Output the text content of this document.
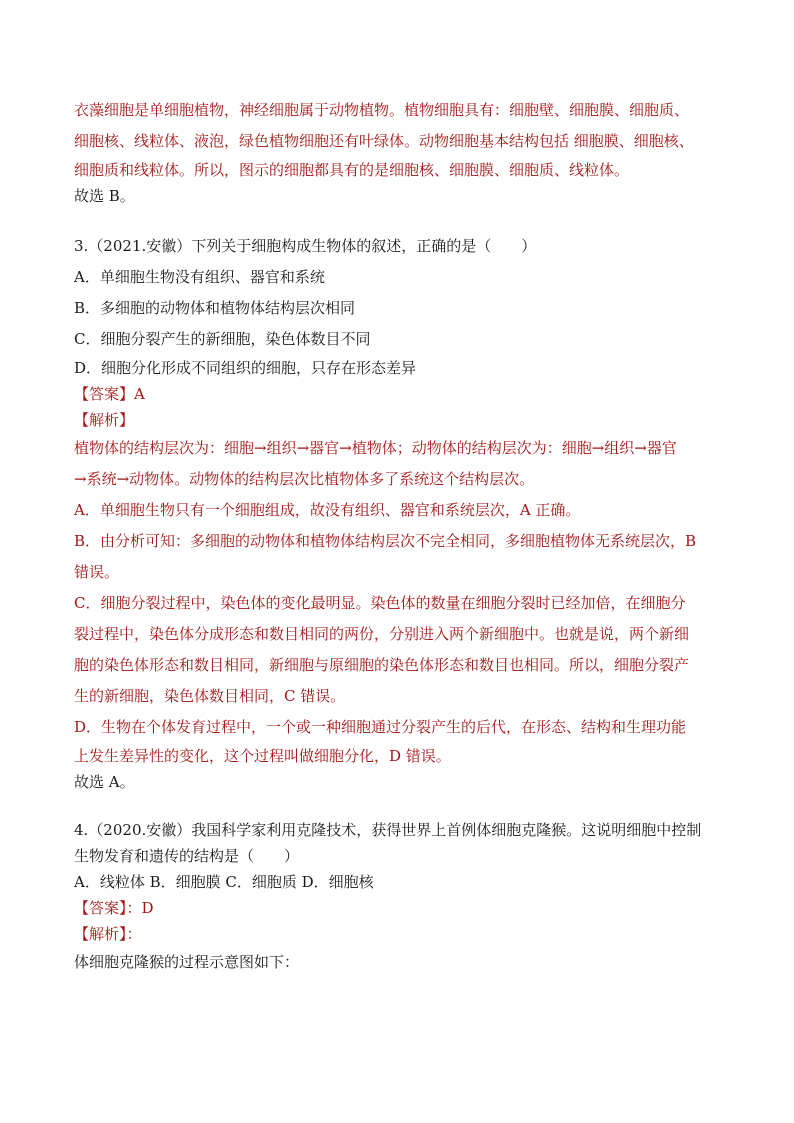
衣藻细胞是单细胞植物，神经细胞属于动物植物。植物细胞具有：细胞壁、细胞膜、细胞质、
细胞核、线粒体、液泡，绿色植物细胞还有叶绿体。动物细胞基本结构包括 细胞膜、细胞核、
细胞质和线粒体。所以，图示的细胞都具有的是细胞核、细胞膜、细胞质、线粒体。
故选 B。
3.（2021.安徽）下列关于细胞构成生物体的叙述，正确的是（　　）
A．单细胞生物没有组织、器官和系统
B．多细胞的动物体和植物体结构层次相同
C．细胞分裂产生的新细胞，染色体数目不同
D．细胞分化形成不同组织的细胞，只存在形态差异
【答案】A
【解析】
植物体的结构层次为：细胞→组织→器官→植物体；动物体的结构层次为：细胞→组织→器官
→系统→动物体。动物体的结构层次比植物体多了系统这个结构层次。
A．单细胞生物只有一个细胞组成，故没有组织、器官和系统层次，A 正确。
B．由分析可知：多细胞的动物体和植物体结构层次不完全相同，多细胞植物体无系统层次，B
错误。
C．细胞分裂过程中，染色体的变化最明显。染色体的数量在细胞分裂时已经加倍，在细胞分
裂过程中，染色体分成形态和数目相同的两份，分别进入两个新细胞中。也就是说，两个新细
胞的染色体形态和数目相同，新细胞与原细胞的染色体形态和数目也相同。所以，细胞分裂产
生的新细胞，染色体数目相同，C 错误。
D．生物在个体发育过程中，一个或一种细胞通过分裂产生的后代，在形态、结构和生理功能
上发生差异性的变化，这个过程叫做细胞分化，D 错误。
故选 A。
4.（2020.安徽）我国科学家利用克隆技术，获得世界上首例体细胞克隆猴。这说明细胞中控制
生物发育和遗传的结构是（　　）
A．线粒体 B．细胞膜 C．细胞质 D．细胞核
【答案】：D
【解析】：
体细胞克隆猴的过程示意图如下：
